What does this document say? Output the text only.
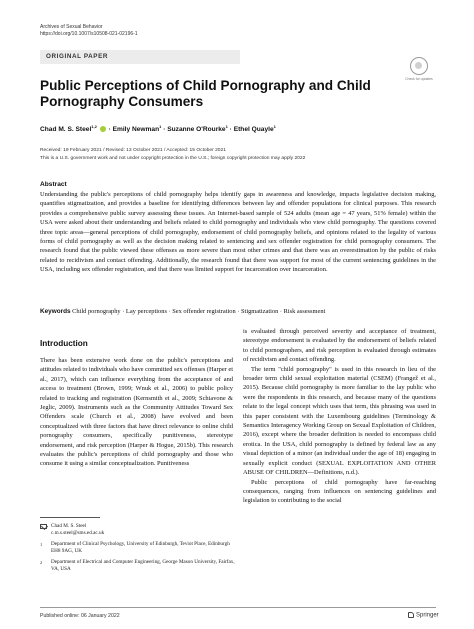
Archives of Sexual Behavior
https://doi.org/10.1007/s10508-021-02196-1
ORIGINAL PAPER
Check for updates
Public Perceptions of Child Pornography and Child Pornography Consumers
Chad M. S. Steel$^{1,2}$  · Emily Newman$^1$ · Suzanne O'Rourke$^1$ · Ethel Quayle$^1$
Received: 19 February 2021 / Revised: 13 October 2021 / Accepted: 15 October 2021
This is a U.S. government work and not under copyright protection in the U.S.; foreign copyright protection may apply 2022
Abstract
Understanding the public's perceptions of child pornography helps identify gaps in awareness and knowledge, impacts legislative decision making, quantifies stigmatization, and provides a baseline for identifying differences between lay and offender populations for clinical purposes. This research provides a comprehensive public survey assessing these issues. An Internet-based sample of 524 adults (mean age = 47 years, 51% female) within the USA were asked about their understanding and beliefs related to child pornography and individuals who view child pornography. The questions covered three topic areas—general perceptions of child pornography, endorsement of child pornography beliefs, and opinions related to the legality of various forms of child pornography as well as the decision making related to sentencing and sex offender registration for child pornography consumers. The research found that the public viewed these offenses as more severe than most other crimes and that there was an overestimation by the public of risks related to recidivism and contact offending. Additionally, the research found that there was support for most of the current sentencing guidelines in the USA, including sex offender registration, and that there was limited support for incarceration over incarceration.
Keywords Child pornography · Lay perceptions · Sex offender registration · Stigmatization · Risk assessment
Introduction

There has been extensive work done on the public's perceptions and attitudes related to individuals who have committed sex offenses (Harper et al., 2017), which can influence everything from the acceptance of and access to treatment (Brown, 1999; Wnuk et al., 2006) to public policy related to tracking and registration (Kernsmith et al., 2009; Schiavone & Jeglic, 2009). Instruments such as the Community Attitudes Toward Sex Offenders scale (Church et al., 2008) have evolved and been conceptualized with three factors that have direct relevance to online child pornography consumers, specifically punitiveness, stereotype endorsement, and risk perception (Harper & Hogue, 2015b). This research evaluates the public's perceptions of child pornography and those who consume it using a similar conceptualization. Punitiveness

is evaluated through perceived severity and acceptance of treatment, stereotype endorsement is evaluated by the endorsement of beliefs related to child pornographers, and risk perception is evaluated through estimates of recidivism and contact offending.

The term "child pornography" is used in this research in lieu of the broader term child sexual exploitation material (CSEM) (Frangež et al., 2015). Because child pornography is more familiar to the lay public who were the respondents in this research, and because many of the questions relate to the legal concept which uses that term, this phrasing was used in this paper consistent with the Luxembourg guidelines (Terminology & Semantics Interagency Working Group on Sexual Exploitation of Children, 2016), except where the broader definition is needed to encompass child erotica. In the USA, child pornography is defined by federal law as any visual depiction of a minor (an individual under the age of 18) engaging in sexually explicit conduct (SEXUAL EXPLOITATION AND OTHER ABUSE OF CHILDREN—Definitions, n.d.).

Public perceptions of child pornography have far-reaching consequences, ranging from influences on sentencing guidelines and legislation to contributing to the social

Chad M. S. Steel
c.m.s.steel@sms.ed.ac.uk
1	Department of Clinical Psychology, University of Edinburgh, Teviot Place, Edinburgh EH8 9AG, UK
2	Department of Electrical and Computer Engineering, George Mason University, Fairfax, VA, USA
Published online: 06 January 2022	Springer
